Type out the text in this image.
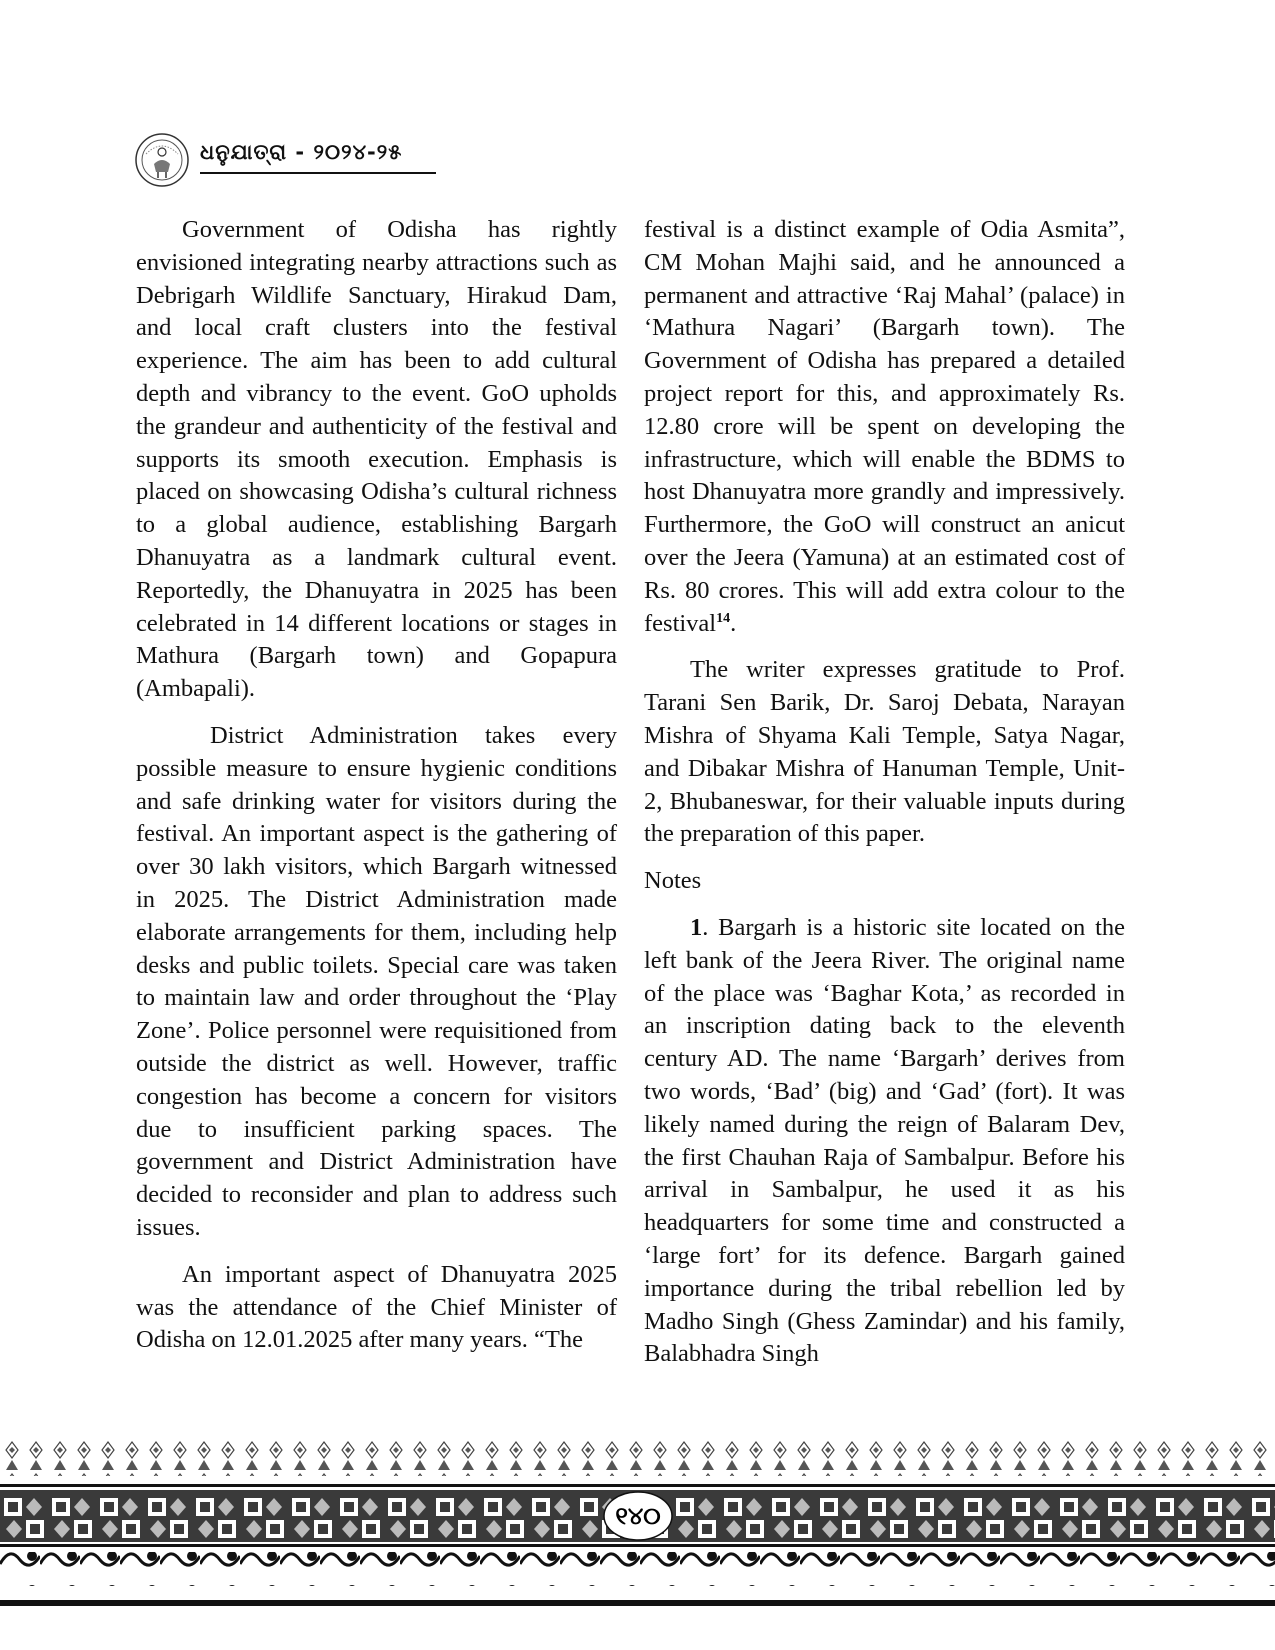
ଧନୁଯାତ୍ରା - ୨୦୨୪-୨୫

Government of Odisha has rightly envisioned integrating nearby attractions such as Debrigarh Wildlife Sanctuary, Hirakud Dam, and local craft clusters into the festival experience. The aim has been to add cultural depth and vibrancy to the event. GoO upholds the grandeur and authenticity of the festival and supports its smooth execution. Emphasis is placed on showcasing Odisha’s cultural richness to a global audience, establishing Bargarh Dhanuyatra as a landmark cultural event. Reportedly, the Dhanuyatra in 2025 has been celebrated in 14 different locations or stages in Mathura (Bargarh town) and Gopapura (Ambapali).

District Administration takes every possible measure to ensure hygienic conditions and safe drinking water for visitors during the festival. An important aspect is the gathering of over 30 lakh visitors, which Bargarh witnessed in 2025. The District Administration made elaborate arrangements for them, including help desks and public toilets. Special care was taken to maintain law and order throughout the ‘Play Zone’. Police personnel were requisitioned from outside the district as well. However, traffic congestion has become a concern for visitors due to insufficient parking spaces. The government and District Administration have decided to reconsider and plan to address such issues.

An important aspect of Dhanuyatra 2025 was the attendance of the Chief Minister of Odisha on 12.01.2025 after many years. “The

festival is a distinct example of Odia Asmita”, CM Mohan Majhi said, and he announced a permanent and attractive ‘Raj Mahal’ (palace) in ‘Mathura Nagari’ (Bargarh town). The Government of Odisha has prepared a detailed project report for this, and approximately Rs. 12.80 crore will be spent on developing the infrastructure, which will enable the BDMS to host Dhanuyatra more grandly and impressively. Furthermore, the GoO will construct an anicut over the Jeera (Yamuna) at an estimated cost of Rs. 80 crores. This will add extra colour to the festival$^{14}$.

The writer expresses gratitude to Prof. Tarani Sen Barik, Dr. Saroj Debata, Narayan Mishra of Shyama Kali Temple, Satya Nagar, and Dibakar Mishra of Hanuman Temple, Unit-2, Bhubaneswar, for their valuable inputs during the preparation of this paper.

Notes

1. Bargarh is a historic site located on the left bank of the Jeera River. The original name of the place was ‘Baghar Kota,’ as recorded in an inscription dating back to the eleventh century AD. The name ‘Bargarh’ derives from two words, ‘Bad’ (big) and ‘Gad’ (fort). It was likely named during the reign of Balaram Dev, the first Chauhan Raja of Sambalpur. Before his arrival in Sambalpur, he used it as his headquarters for some time and constructed a ‘large fort’ for its defence. Bargarh gained importance during the tribal rebellion led by Madho Singh (Ghess Zamindar) and his family, Balabhadra Singh

୧୪୦
